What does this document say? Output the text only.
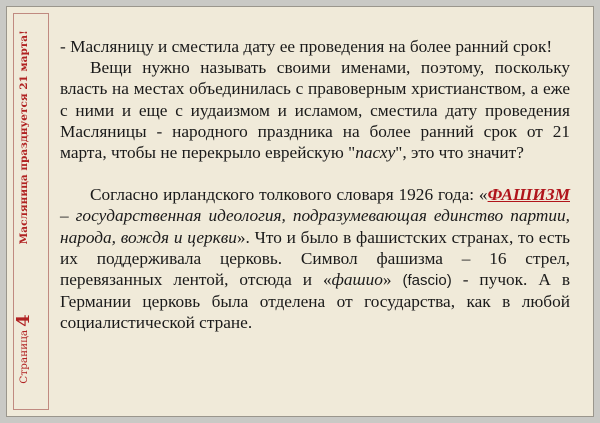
Страница4Масляница празднуется 21 марта! - Масляницу и сместила дату ее проведения на более ранний срок!

Вещи нужно называть своими именами, поэтому, поскольку власть на местах объединилась с правоверным христианством, а еже с ними и еще с иудаизмом и исламом, сместила дату проведения Масляницы - народного праздника на более ранний срок от 21 марта, чтобы не перекрыло еврейскую "пасху", это что значит?

Согласно ирландского толкового словаря 1926 года: «ФАШИЗМ – государственная идеология, подразумевающая единство партии, народа, вождя и церкви». Что и было в фашистских странах, то есть их поддерживала церковь. Символ фашизма – 16 стрел, перевязанных лентой, отсюда и «фашио» (fascio) - пучок. А в Германии церковь была отделена от государства, как в любой социалистической стране.
